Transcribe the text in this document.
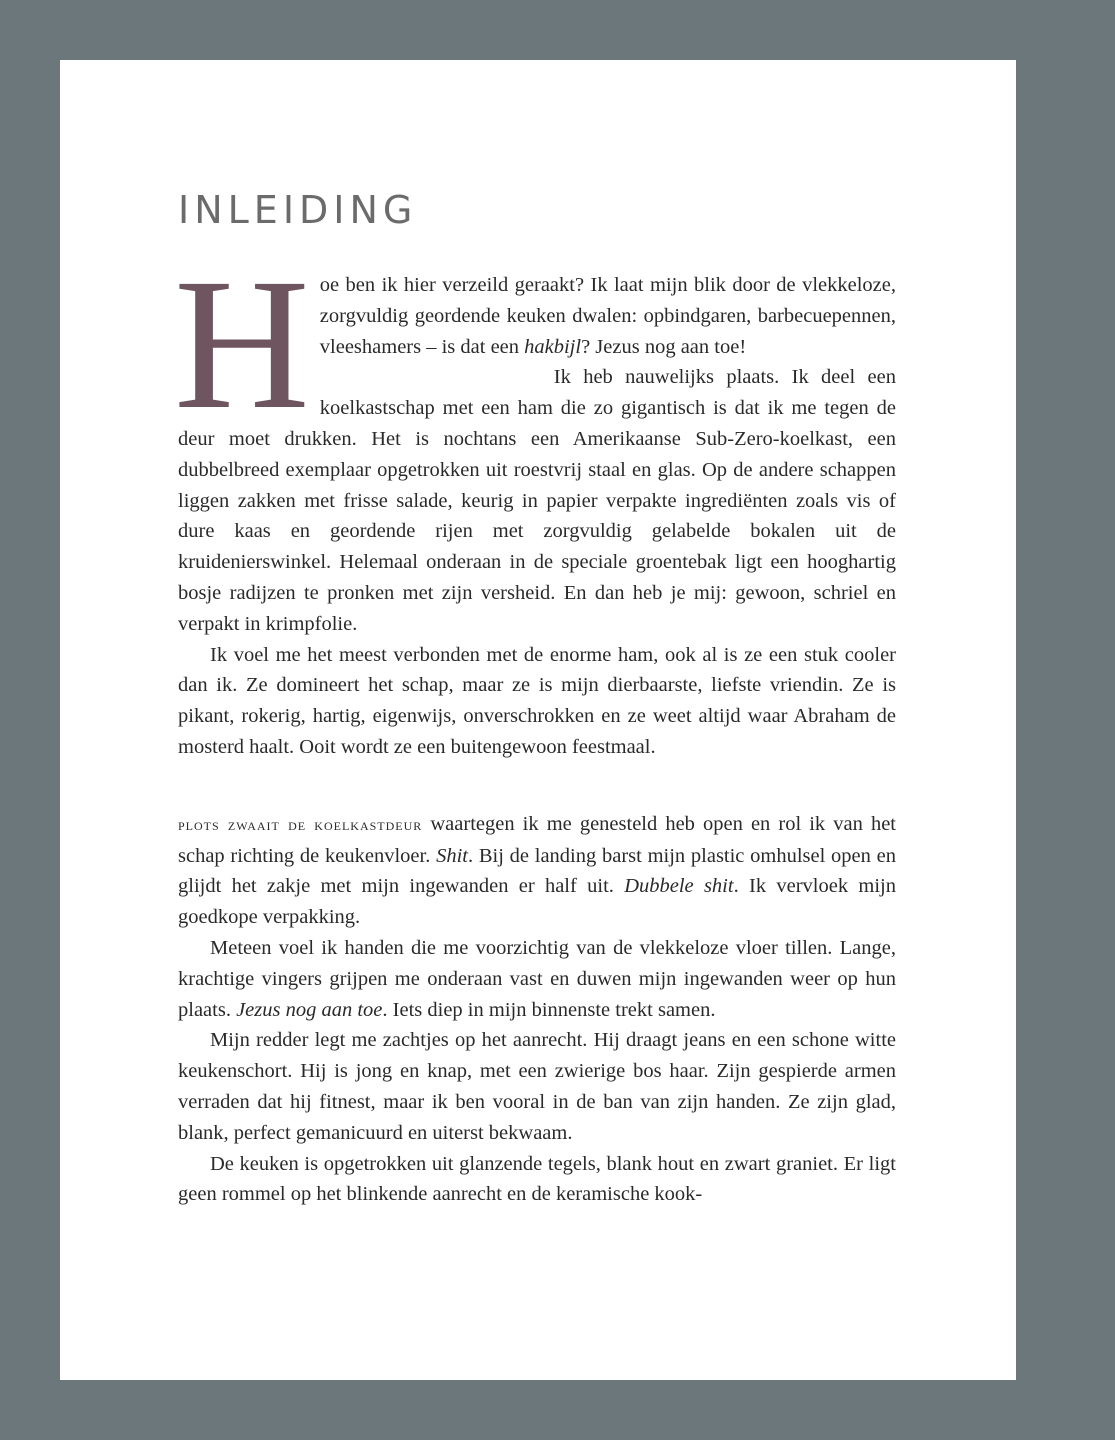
INLEIDING

Hoe ben ik hier verzeild geraakt? Ik laat mijn blik door de vlekkeloze, zorgvuldig geordende keuken dwalen: opbindgaren, barbecuepennen, vleeshamers – is dat een hakbijl? Jezus nog aan toe!
Ik heb nauwelijks plaats. Ik deel een koelkastschap met een ham die zo gigantisch is dat ik me tegen de deur moet drukken. Het is nochtans een Amerikaanse Sub-Zero-koelkast, een dubbelbreed exemplaar opgetrokken uit roestvrij staal en glas. Op de andere schappen liggen zakken met frisse salade, keurig in papier verpakte ingrediënten zoals vis of dure kaas en geordende rijen met zorgvuldig gelabelde bokalen uit de kruidenierswinkel. Helemaal onderaan in de speciale groentebak ligt een hooghartig bosje radijzen te pronken met zijn versheid. En dan heb je mij: gewoon, schriel en verpakt in krimpfolie.

Ik voel me het meest verbonden met de enorme ham, ook al is ze een stuk cooler dan ik. Ze domineert het schap, maar ze is mijn dierbaarste, liefste vriendin. Ze is pikant, rokerig, hartig, eigenwijs, onverschrokken en ze weet altijd waar Abraham de mosterd haalt. Ooit wordt ze een buitengewoon feestmaal.

plots zwaait de koelkastdeur waartegen ik me genesteld heb open en rol ik van het schap richting de keukenvloer. Shit. Bij de landing barst mijn plastic omhulsel open en glijdt het zakje met mijn ingewanden er half uit. Dubbele shit. Ik vervloek mijn goedkope verpakking.

Meteen voel ik handen die me voorzichtig van de vlekkeloze vloer tillen. Lange, krachtige vingers grijpen me onderaan vast en duwen mijn ingewanden weer op hun plaats. Jezus nog aan toe. Iets diep in mijn binnenste trekt samen.

Mijn redder legt me zachtjes op het aanrecht. Hij draagt jeans en een schone witte keukenschort. Hij is jong en knap, met een zwierige bos haar. Zijn gespierde armen verraden dat hij fitnest, maar ik ben vooral in de ban van zijn handen. Ze zijn glad, blank, perfect gemanicuurd en uiterst bekwaam.

De keuken is opgetrokken uit glanzende tegels, blank hout en zwart graniet. Er ligt geen rommel op het blinkende aanrecht en de keramische kook-
